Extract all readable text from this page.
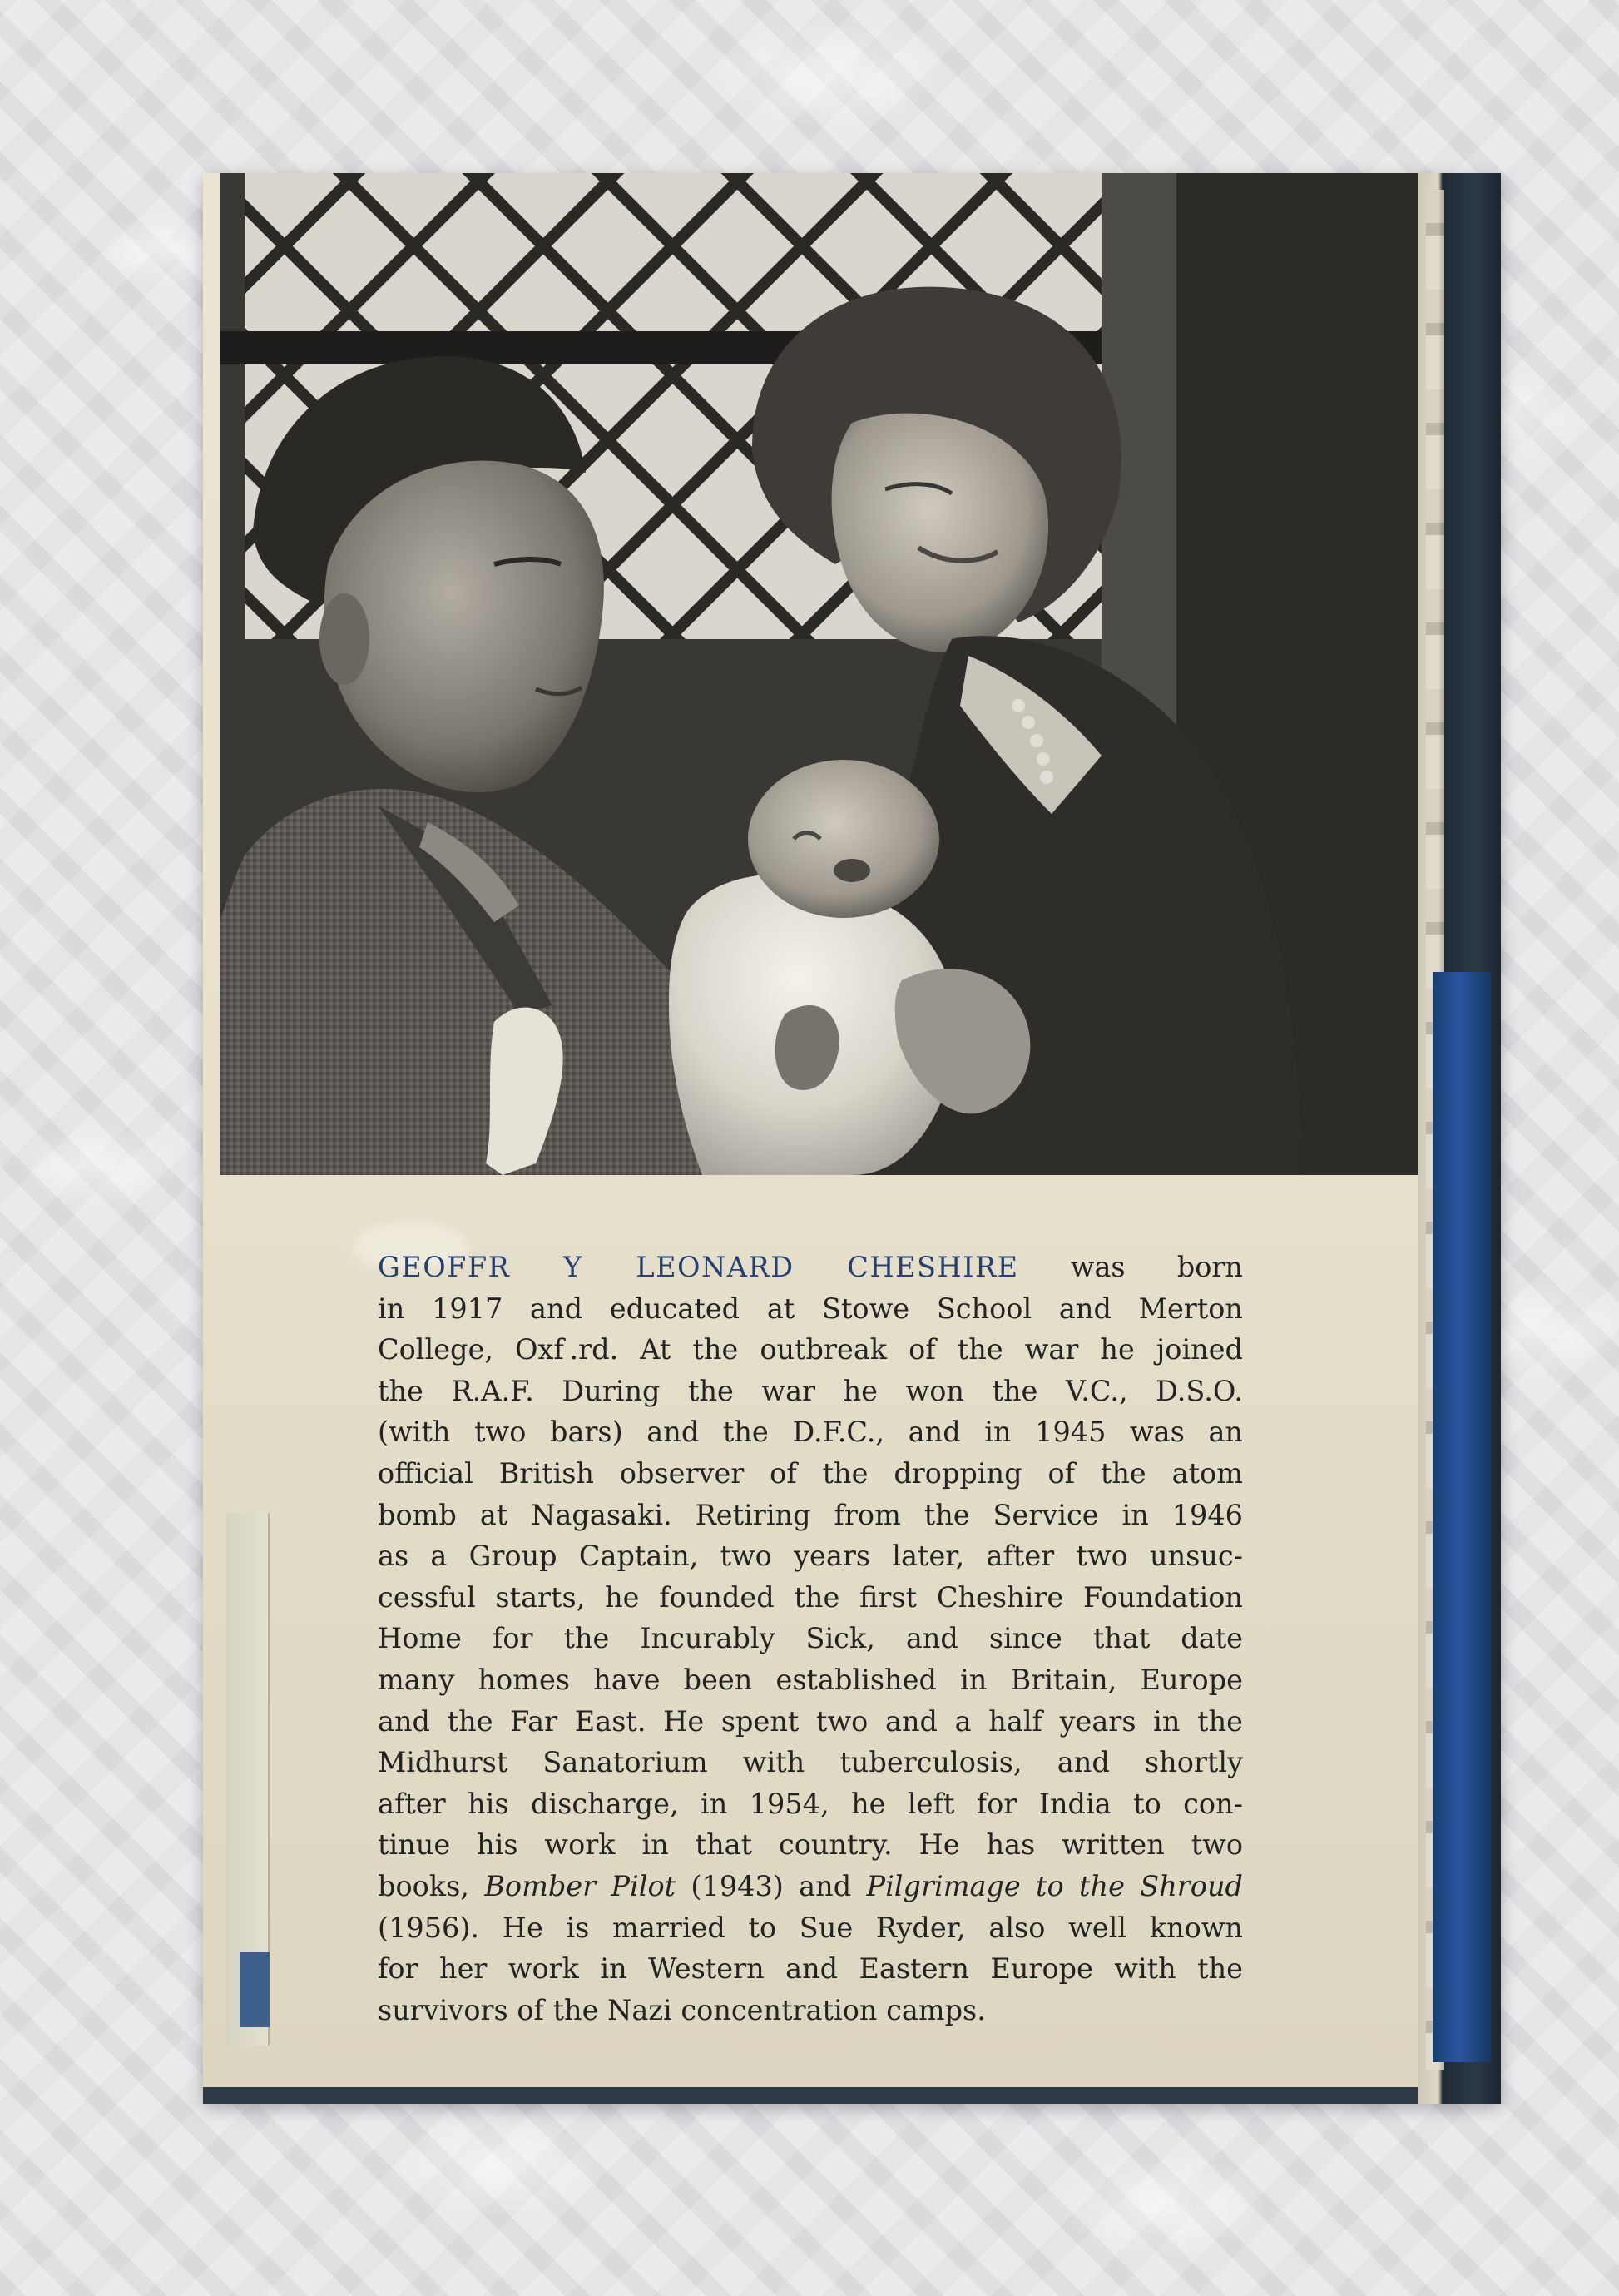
GEOFFR Y LEONARD CHESHIRE was born
in 1917 and educated at Stowe School and Merton
College, Oxf .rd. At the outbreak of the war he joined
the R.A.F. During the war he won the V.C., D.S.O.
(with two bars) and the D.F.C., and in 1945 was an
official British observer of the dropping of the atom
bomb at Nagasaki. Retiring from the Service in 1946
as a Group Captain, two years later, after two unsuc-
cessful starts, he founded the first Cheshire Foundation
Home for the Incurably Sick, and since that date
many homes have been established in Britain, Europe
and the Far East. He spent two and a half years in the
Midhurst Sanatorium with tuberculosis, and shortly
after his discharge, in 1954, he left for India to con-
tinue his work in that country. He has written two
books, Bomber Pilot (1943) and Pilgrimage to the Shroud
(1956). He is married to Sue Ryder, also well known
for her work in Western and Eastern Europe with the
survivors of the Nazi concentration camps.
